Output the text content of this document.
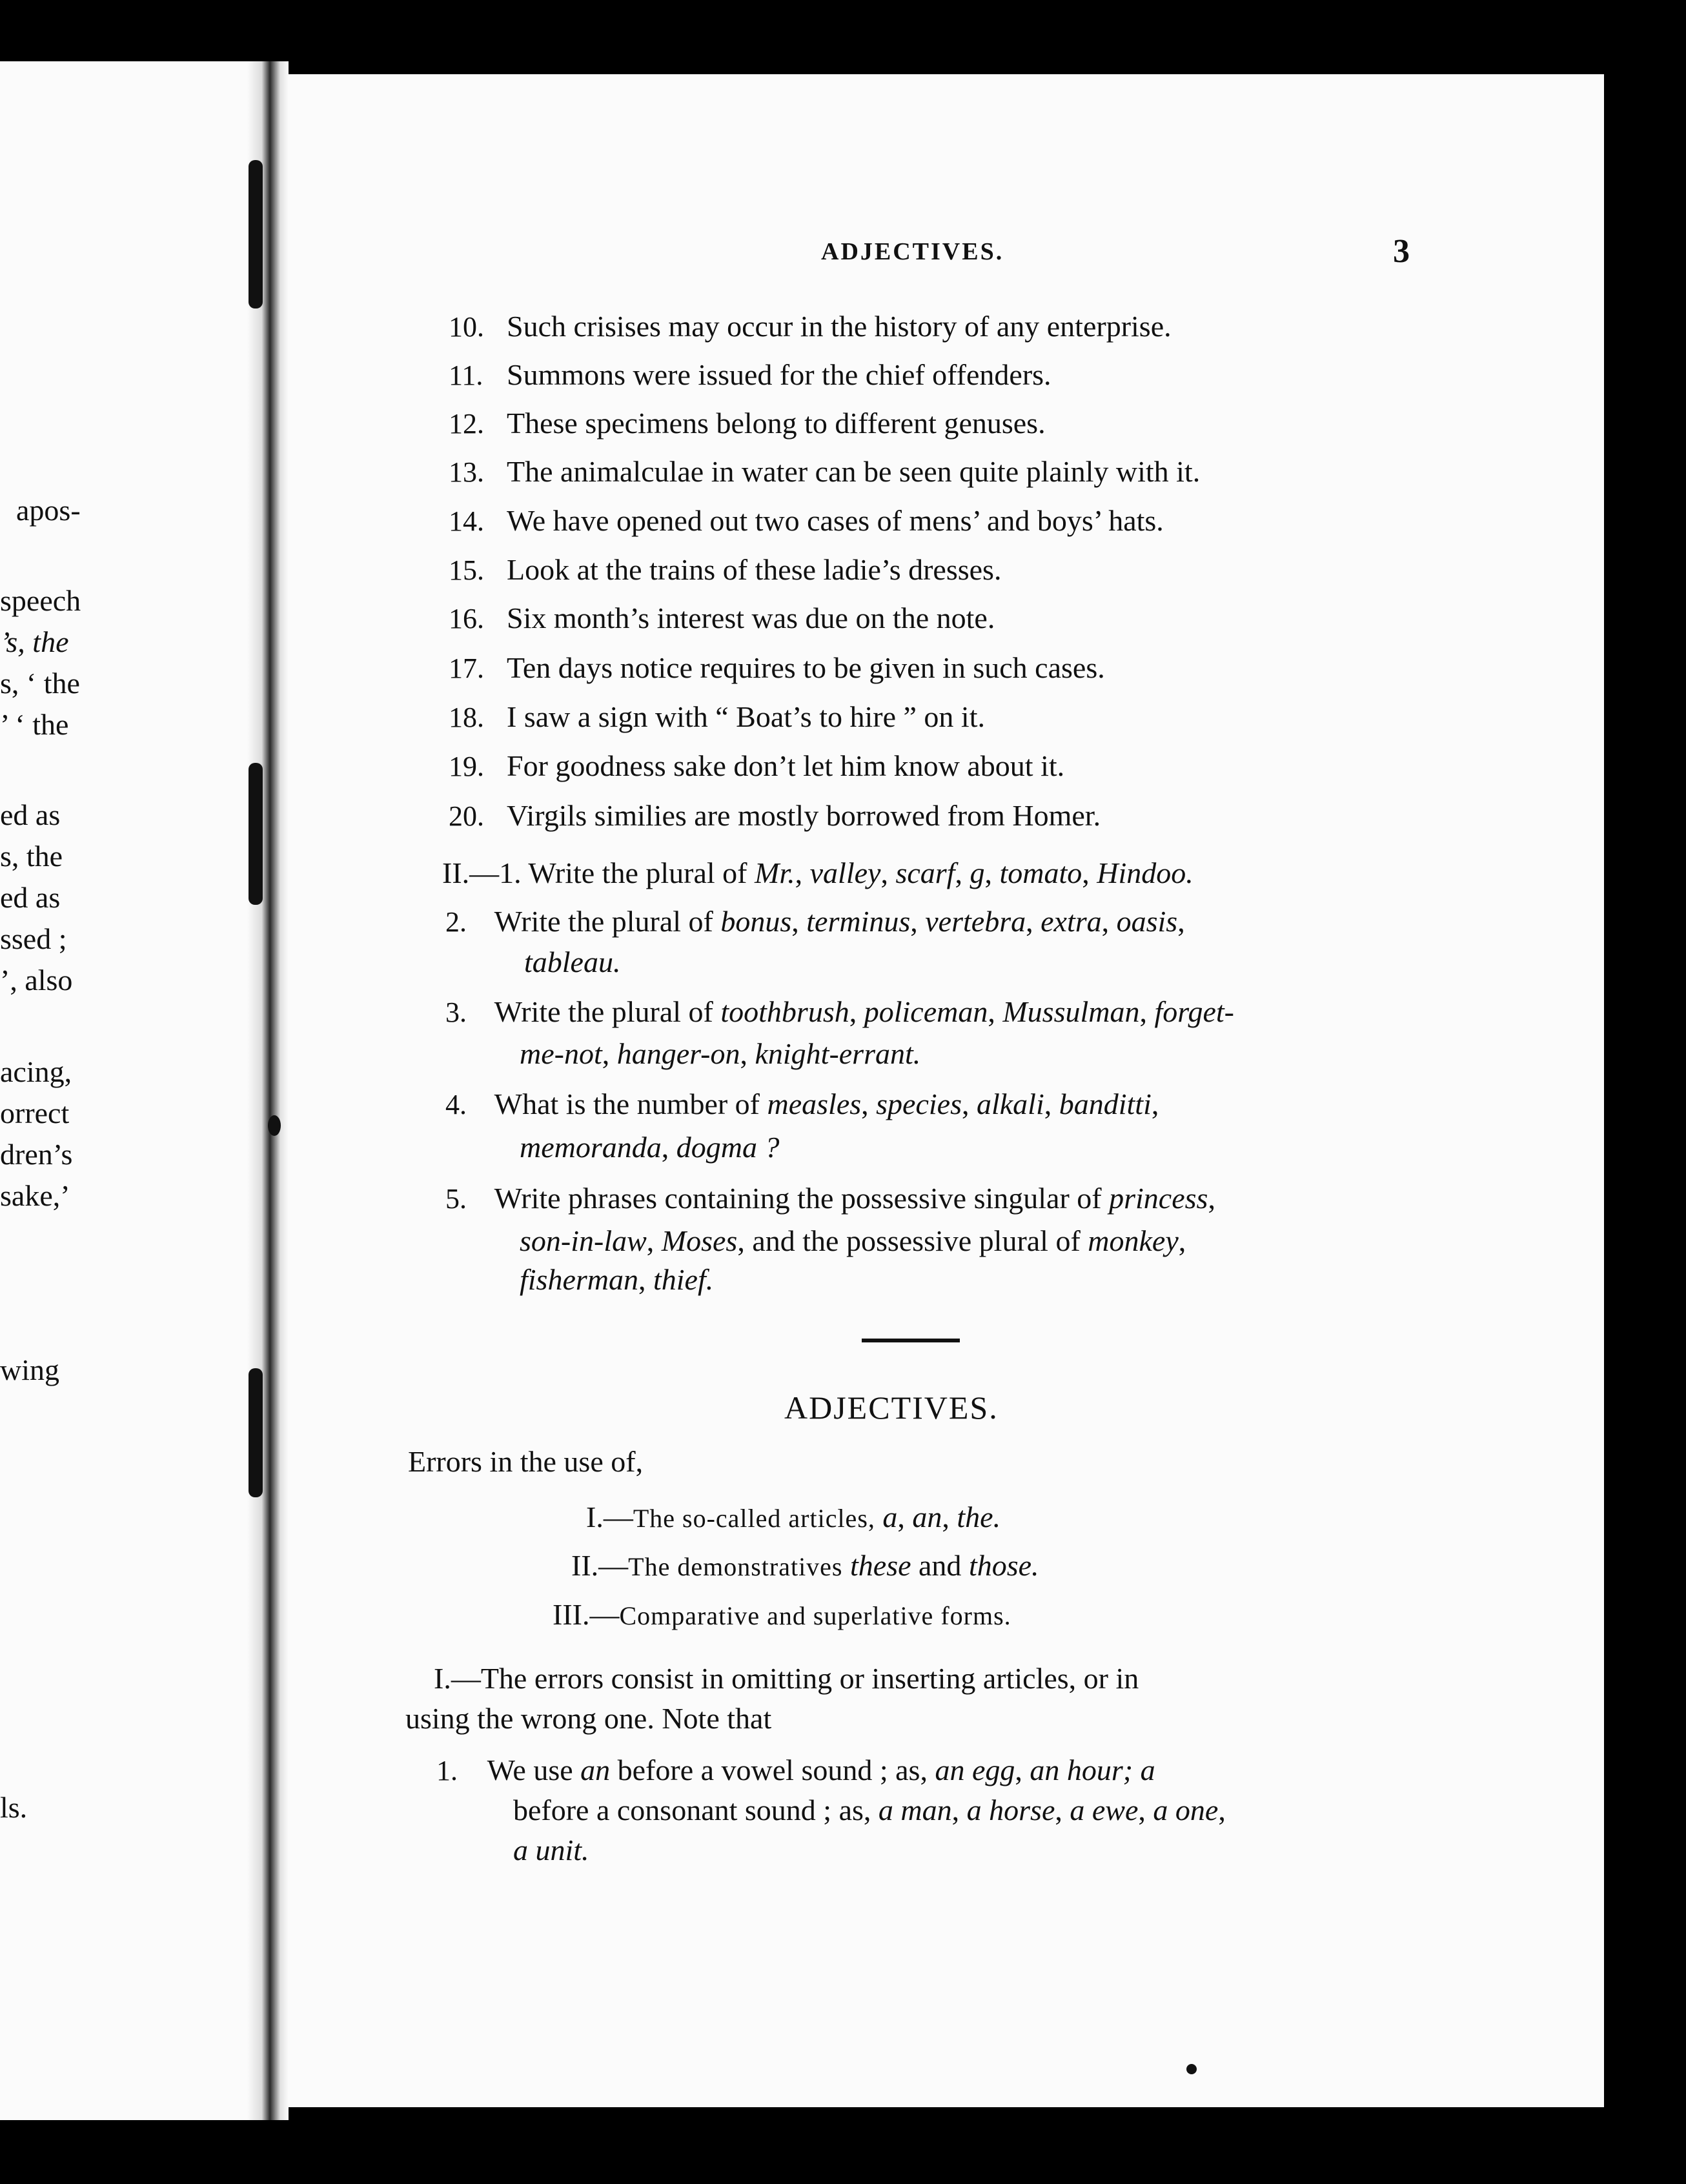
apos-
speech
’s, the
s, ‘ the
’ ‘ the
ed as
s, the
ed as
ssed ;
’, also
acing,
orrect
dren’s
sake,’
wing
ls.
ADJECTIVES.	3
10. Such crisises may occur in the history of any enterprise.
11. Summons were issued for the chief offenders.
12. These specimens belong to different genuses.
13. The animalculae in water can be seen quite plainly with it.
14. We have opened out two cases of mens’ and boys’ hats.
15. Look at the trains of these ladie’s dresses.
16. Six month’s interest was due on the note.
17. Ten days notice requires to be given in such cases.
18. I saw a sign with “ Boat’s to hire ” on it.
19. For goodness sake don’t let him know about it.
20. Virgils similies are mostly borrowed from Homer.
II.—1. Write the plural of Mr., valley, scarf, g, tomato, Hindoo.
2. Write the plural of bonus, terminus, vertebra, extra, oasis,
tableau.
3. Write the plural of toothbrush, policeman, Mussulman, forget-
me-not, hanger-on, knight-errant.
4. What is the number of measles, species, alkali, banditti,
memoranda, dogma ?
5. Write phrases containing the possessive singular of princess,
son-in-law, Moses, and the possessive plural of monkey,
fisherman, thief.
ADJECTIVES.
Errors in the use of,
I.—The so-called articles, a, an, the.
II.—The demonstratives these and those.
III.—Comparative and superlative forms.
I.—The errors consist in omitting or inserting articles, or in
using the wrong one. Note that
1. We use an before a vowel sound ; as, an egg, an hour; a
before a consonant sound ; as, a man, a horse, a ewe, a one,
a unit.
